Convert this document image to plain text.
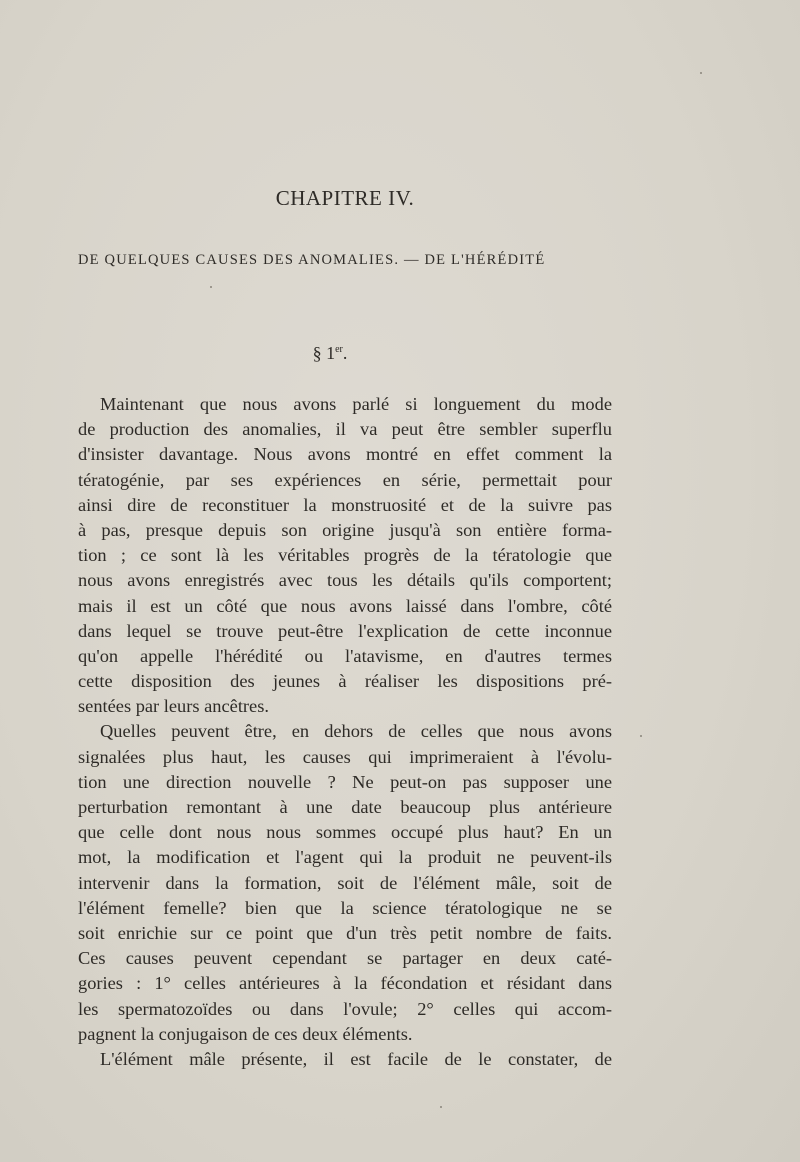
CHAPITRE IV.
DE QUELQUES CAUSES DES ANOMALIES. — DE L'HÉRÉDITÉ
§ 1er.
Maintenant que nous avons parlé si longuement du mode
de production des anomalies, il va peut être sembler superflu
d'insister davantage. Nous avons montré en effet comment la
tératogénie, par ses expériences en série, permettait pour
ainsi dire de reconstituer la monstruosité et de la suivre pas
à pas, presque depuis son origine jusqu'à son entière forma-
tion ; ce sont là les véritables progrès de la tératologie que
nous avons enregistrés avec tous les détails qu'ils comportent;
mais il est un côté que nous avons laissé dans l'ombre, côté
dans lequel se trouve peut-être l'explication de cette inconnue
qu'on appelle l'hérédité ou l'atavisme, en d'autres termes
cette disposition des jeunes à réaliser les dispositions pré-
sentées par leurs ancêtres.
Quelles peuvent être, en dehors de celles que nous avons
signalées plus haut, les causes qui imprimeraient à l'évolu-
tion une direction nouvelle ? Ne peut-on pas supposer une
perturbation remontant à une date beaucoup plus antérieure
que celle dont nous nous sommes occupé plus haut? En un
mot, la modification et l'agent qui la produit ne peuvent-ils
intervenir dans la formation, soit de l'élément mâle, soit de
l'élément femelle? bien que la science tératologique ne se
soit enrichie sur ce point que d'un très petit nombre de faits.
Ces causes peuvent cependant se partager en deux caté-
gories : 1° celles antérieures à la fécondation et résidant dans
les spermatozoïdes ou dans l'ovule; 2° celles qui accom-
pagnent la conjugaison de ces deux éléments.
L'élément mâle présente, il est facile de le constater, de
